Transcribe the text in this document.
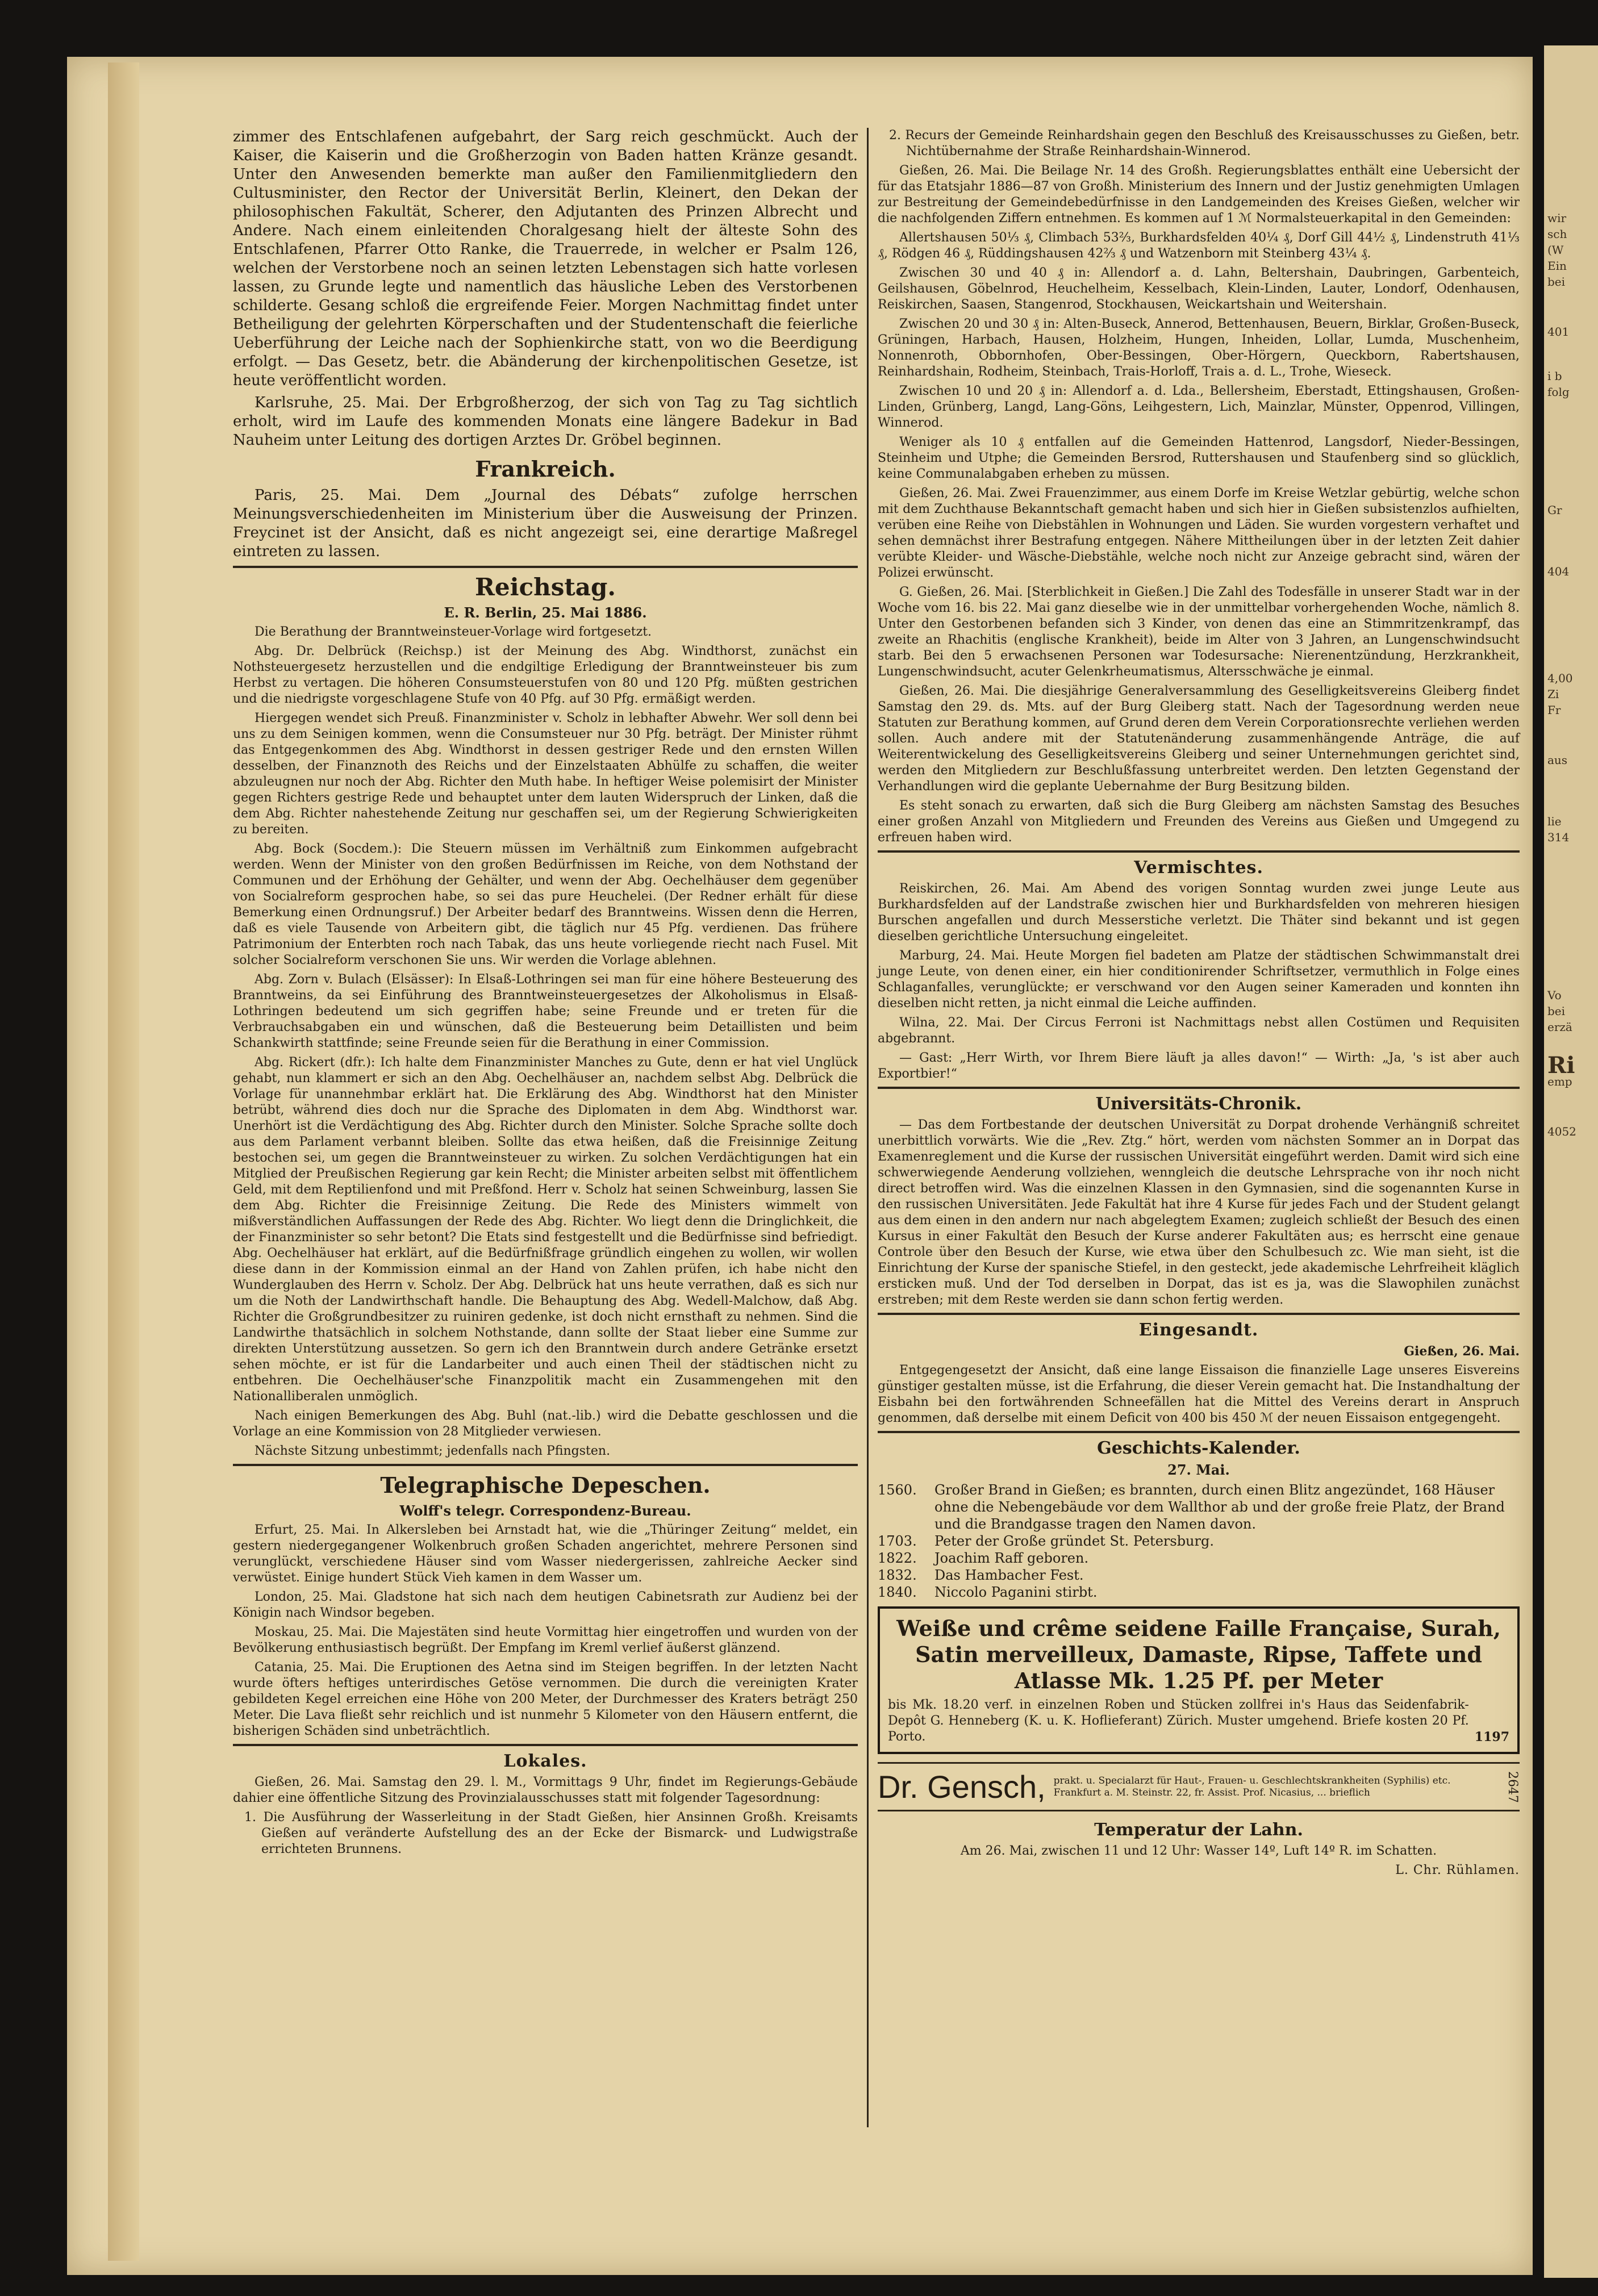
zimmer des Entschlafenen aufgebahrt, der Sarg reich geschmückt. Auch der Kaiser, die Kaiserin und die Großherzogin von Baden hatten Kränze gesandt. Unter den Anwesenden bemerkte man außer den Familienmitgliedern den Cultusminister, den Rector der Universität Berlin, Kleinert, den Dekan der philosophischen Fakultät, Scherer, den Adjutanten des Prinzen Albrecht und Andere. Nach einem einleitenden Choralgesang hielt der älteste Sohn des Entschlafenen, Pfarrer Otto Ranke, die Trauerrede, in welcher er Psalm 126, welchen der Verstorbene noch an seinen letzten Lebenstagen sich hatte vorlesen lassen, zu Grunde legte und namentlich das häusliche Leben des Verstorbenen schilderte. Gesang schloß die ergreifende Feier. Morgen Nachmittag findet unter Betheiligung der gelehrten Körperschaften und der Studentenschaft die feierliche Ueberführung der Leiche nach der Sophienkirche statt, von wo die Beerdigung erfolgt. — Das Gesetz, betr. die Abänderung der kirchenpolitischen Gesetze, ist heute veröffentlicht worden.

Karlsruhe, 25. Mai. Der Erbgroßherzog, der sich von Tag zu Tag sichtlich erholt, wird im Laufe des kommenden Monats eine längere Badekur in Bad Nauheim unter Leitung des dortigen Arztes Dr. Gröbel beginnen.

Frankreich.

Paris, 25. Mai. Dem „Journal des Débats“ zufolge herrschen Meinungsverschiedenheiten im Ministerium über die Ausweisung der Prinzen. Freycinet ist der Ansicht, daß es nicht angezeigt sei, eine derartige Maßregel eintreten zu lassen.

Reichstag.
E. R. Berlin, 25. Mai 1886.

Die Berathung der Branntweinsteuer-Vorlage wird fortgesetzt.

Abg. Dr. Delbrück (Reichsp.) ist der Meinung des Abg. Windthorst, zunächst ein Nothsteuergesetz herzustellen und die endgiltige Erledigung der Branntweinsteuer bis zum Herbst zu vertagen. Die höheren Consumsteuerstufen von 80 und 120 Pfg. müßten gestrichen und die niedrigste vorgeschlagene Stufe von 40 Pfg. auf 30 Pfg. ermäßigt werden.

Hiergegen wendet sich Preuß. Finanzminister v. Scholz in lebhafter Abwehr. Wer soll denn bei uns zu dem Seinigen kommen, wenn die Consumsteuer nur 30 Pfg. beträgt. Der Minister rühmt das Entgegenkommen des Abg. Windthorst in dessen gestriger Rede und den ernsten Willen desselben, der Finanznoth des Reichs und der Einzelstaaten Abhülfe zu schaffen, die weiter abzuleugnen nur noch der Abg. Richter den Muth habe. In heftiger Weise polemisirt der Minister gegen Richters gestrige Rede und behauptet unter dem lauten Widerspruch der Linken, daß die dem Abg. Richter nahestehende Zeitung nur geschaffen sei, um der Regierung Schwierigkeiten zu bereiten.

Abg. Bock (Socdem.): Die Steuern müssen im Verhältniß zum Einkommen aufgebracht werden. Wenn der Minister von den großen Bedürfnissen im Reiche, von dem Nothstand der Communen und der Erhöhung der Gehälter, und wenn der Abg. Oechelhäuser dem gegenüber von Socialreform gesprochen habe, so sei das pure Heuchelei. (Der Redner erhält für diese Bemerkung einen Ordnungsruf.) Der Arbeiter bedarf des Branntweins. Wissen denn die Herren, daß es viele Tausende von Arbeitern gibt, die täglich nur 45 Pfg. verdienen. Das frühere Patrimonium der Enterbten roch nach Tabak, das uns heute vorliegende riecht nach Fusel. Mit solcher Socialreform verschonen Sie uns. Wir werden die Vorlage ablehnen.

Abg. Zorn v. Bulach (Elsässer): In Elsaß-Lothringen sei man für eine höhere Besteuerung des Branntweins, da sei Einführung des Branntweinsteuergesetzes der Alkoholismus in Elsaß-Lothringen bedeutend um sich gegriffen habe; seine Freunde und er treten für die Verbrauchsabgaben ein und wünschen, daß die Besteuerung beim Detaillisten und beim Schankwirth stattfinde; seine Freunde seien für die Berathung in einer Commission.

Abg. Rickert (dfr.): Ich halte dem Finanzminister Manches zu Gute, denn er hat viel Unglück gehabt, nun klammert er sich an den Abg. Oechelhäuser an, nachdem selbst Abg. Delbrück die Vorlage für unannehmbar erklärt hat. Die Erklärung des Abg. Windthorst hat den Minister betrübt, während dies doch nur die Sprache des Diplomaten in dem Abg. Windthorst war. Unerhört ist die Verdächtigung des Abg. Richter durch den Minister. Solche Sprache sollte doch aus dem Parlament verbannt bleiben. Sollte das etwa heißen, daß die Freisinnige Zeitung bestochen sei, um gegen die Branntweinsteuer zu wirken. Zu solchen Verdächtigungen hat ein Mitglied der Preußischen Regierung gar kein Recht; die Minister arbeiten selbst mit öffentlichem Geld, mit dem Reptilienfond und mit Preßfond. Herr v. Scholz hat seinen Schweinburg, lassen Sie dem Abg. Richter die Freisinnige Zeitung. Die Rede des Ministers wimmelt von mißverständlichen Auffassungen der Rede des Abg. Richter. Wo liegt denn die Dringlichkeit, die der Finanzminister so sehr betont? Die Etats sind festgestellt und die Bedürfnisse sind befriedigt. Abg. Oechelhäuser hat erklärt, auf die Bedürfnißfrage gründlich eingehen zu wollen, wir wollen diese dann in der Kommission einmal an der Hand von Zahlen prüfen, ich habe nicht den Wunderglauben des Herrn v. Scholz. Der Abg. Delbrück hat uns heute verrathen, daß es sich nur um die Noth der Landwirthschaft handle. Die Behauptung des Abg. Wedell-Malchow, daß Abg. Richter die Großgrundbesitzer zu ruiniren gedenke, ist doch nicht ernsthaft zu nehmen. Sind die Landwirthe thatsächlich in solchem Nothstande, dann sollte der Staat lieber eine Summe zur direkten Unterstützung aussetzen. So gern ich den Branntwein durch andere Getränke ersetzt sehen möchte, er ist für die Landarbeiter und auch einen Theil der städtischen nicht zu entbehren. Die Oechelhäuser'sche Finanzpolitik macht ein Zusammengehen mit den Nationalliberalen unmöglich.

Nach einigen Bemerkungen des Abg. Buhl (nat.-lib.) wird die Debatte geschlossen und die Vorlage an eine Kommission von 28 Mitglieder verwiesen.

Nächste Sitzung unbestimmt; jedenfalls nach Pfingsten.

Telegraphische Depeschen.
Wolff's telegr. Correspondenz-Bureau.

Erfurt, 25. Mai. In Alkersleben bei Arnstadt hat, wie die „Thüringer Zeitung“ meldet, ein gestern niedergegangener Wolkenbruch großen Schaden angerichtet, mehrere Personen sind verunglückt, verschiedene Häuser sind vom Wasser niedergerissen, zahlreiche Aecker sind verwüstet. Einige hundert Stück Vieh kamen in dem Wasser um.

London, 25. Mai. Gladstone hat sich nach dem heutigen Cabinetsrath zur Audienz bei der Königin nach Windsor begeben.

Moskau, 25. Mai. Die Majestäten sind heute Vormittag hier eingetroffen und wurden von der Bevölkerung enthusiastisch begrüßt. Der Empfang im Kreml verlief äußerst glänzend.

Catania, 25. Mai. Die Eruptionen des Aetna sind im Steigen begriffen. In der letzten Nacht wurde öfters heftiges unterirdisches Getöse vernommen. Die durch die vereinigten Krater gebildeten Kegel erreichen eine Höhe von 200 Meter, der Durchmesser des Kraters beträgt 250 Meter. Die Lava fließt sehr reichlich und ist nunmehr 5 Kilometer von den Häusern entfernt, die bisherigen Schäden sind unbeträchtlich.

Lokales.

Gießen, 26. Mai. Samstag den 29. l. M., Vormittags 9 Uhr, findet im Regierungs-Gebäude dahier eine öffentliche Sitzung des Provinzialausschusses statt mit folgender Tagesordnung:

1. Die Ausführung der Wasserleitung in der Stadt Gießen, hier Ansinnen Großh. Kreisamts Gießen auf veränderte Aufstellung des an der Ecke der Bismarck- und Ludwigstraße errichteten Brunnens.

2. Recurs der Gemeinde Reinhardshain gegen den Beschluß des Kreisausschusses zu Gießen, betr. Nichtübernahme der Straße Reinhardshain-Winnerod.

Gießen, 26. Mai. Die Beilage Nr. 14 des Großh. Regierungsblattes enthält eine Uebersicht der für das Etatsjahr 1886—87 von Großh. Ministerium des Innern und der Justiz genehmigten Umlagen zur Bestreitung der Gemeindebedürfnisse in den Landgemeinden des Kreises Gießen, welcher wir die nachfolgenden Ziffern entnehmen. Es kommen auf 1 ℳ Normalsteuerkapital in den Gemeinden:

Allertshausen 50⅓ ₰, Climbach 53⅔, Burkhardsfelden 40¼ ₰, Dorf Gill 44½ ₰, Lindenstruth 41⅓ ₰, Rödgen 46 ₰, Rüddingshausen 42⅔ ₰ und Watzenborn mit Steinberg 43¼ ₰.

Zwischen 30 und 40 ₰ in: Allendorf a. d. Lahn, Beltershain, Daubringen, Garbenteich, Geilshausen, Göbelnrod, Heuchelheim, Kesselbach, Klein-Linden, Lauter, Londorf, Odenhausen, Reiskirchen, Saasen, Stangenrod, Stockhausen, Weickartshain und Weitershain.

Zwischen 20 und 30 ₰ in: Alten-Buseck, Annerod, Bettenhausen, Beuern, Birklar, Großen-Buseck, Grüningen, Harbach, Hausen, Holzheim, Hungen, Inheiden, Lollar, Lumda, Muschenheim, Nonnenroth, Obbornhofen, Ober-Bessingen, Ober-Hörgern, Queckborn, Rabertshausen, Reinhardshain, Rodheim, Steinbach, Trais-Horloff, Trais a. d. L., Trohe, Wieseck.

Zwischen 10 und 20 ₰ in: Allendorf a. d. Lda., Bellersheim, Eberstadt, Ettingshausen, Großen-Linden, Grünberg, Langd, Lang-Göns, Leihgestern, Lich, Mainzlar, Münster, Oppenrod, Villingen, Winnerod.

Weniger als 10 ₰ entfallen auf die Gemeinden Hattenrod, Langsdorf, Nieder-Bessingen, Steinheim und Utphe; die Gemeinden Bersrod, Ruttershausen und Staufenberg sind so glücklich, keine Communalabgaben erheben zu müssen.

Gießen, 26. Mai. Zwei Frauenzimmer, aus einem Dorfe im Kreise Wetzlar gebürtig, welche schon mit dem Zuchthause Bekanntschaft gemacht haben und sich hier in Gießen subsistenzlos aufhielten, verüben eine Reihe von Diebstählen in Wohnungen und Läden. Sie wurden vorgestern verhaftet und sehen demnächst ihrer Bestrafung entgegen. Nähere Mittheilungen über in der letzten Zeit dahier verübte Kleider- und Wäsche-Diebstähle, welche noch nicht zur Anzeige gebracht sind, wären der Polizei erwünscht.

G. Gießen, 26. Mai. [Sterblichkeit in Gießen.] Die Zahl des Todesfälle in unserer Stadt war in der Woche vom 16. bis 22. Mai ganz dieselbe wie in der unmittelbar vorhergehenden Woche, nämlich 8. Unter den Gestorbenen befanden sich 3 Kinder, von denen das eine an Stimmritzenkrampf, das zweite an Rhachitis (englische Krankheit), beide im Alter von 3 Jahren, an Lungenschwindsucht starb. Bei den 5 erwachsenen Personen war Todesursache: Nierenentzündung, Herzkrankheit, Lungenschwindsucht, acuter Gelenkrheumatismus, Altersschwäche je einmal.

Gießen, 26. Mai. Die diesjährige Generalversammlung des Geselligkeitsvereins Gleiberg findet Samstag den 29. ds. Mts. auf der Burg Gleiberg statt. Nach der Tagesordnung werden neue Statuten zur Berathung kommen, auf Grund deren dem Verein Corporationsrechte verliehen werden sollen. Auch andere mit der Statutenänderung zusammenhängende Anträge, die auf Weiterentwickelung des Geselligkeitsvereins Gleiberg und seiner Unternehmungen gerichtet sind, werden den Mitgliedern zur Beschlußfassung unterbreitet werden. Den letzten Gegenstand der Verhandlungen wird die geplante Uebernahme der Burg Besitzung bilden.

Es steht sonach zu erwarten, daß sich die Burg Gleiberg am nächsten Samstag des Besuches einer großen Anzahl von Mitgliedern und Freunden des Vereins aus Gießen und Umgegend zu erfreuen haben wird.

Vermischtes.

Reiskirchen, 26. Mai. Am Abend des vorigen Sonntag wurden zwei junge Leute aus Burkhardsfelden auf der Landstraße zwischen hier und Burkhardsfelden von mehreren hiesigen Burschen angefallen und durch Messerstiche verletzt. Die Thäter sind bekannt und ist gegen dieselben gerichtliche Untersuchung eingeleitet.

Marburg, 24. Mai. Heute Morgen fiel badeten am Platze der städtischen Schwimmanstalt drei junge Leute, von denen einer, ein hier conditionirender Schriftsetzer, vermuthlich in Folge eines Schlaganfalles, verunglückte; er verschwand vor den Augen seiner Kameraden und konnten ihn dieselben nicht retten, ja nicht einmal die Leiche auffinden.

Wilna, 22. Mai. Der Circus Ferroni ist Nachmittags nebst allen Costümen und Requisiten abgebrannt.

— Gast: „Herr Wirth, vor Ihrem Biere läuft ja alles davon!“ — Wirth: „Ja, 's ist aber auch Exportbier!“

Universitäts-Chronik.

— Das dem Fortbestande der deutschen Universität zu Dorpat drohende Verhängniß schreitet unerbittlich vorwärts. Wie die „Rev. Ztg.“ hört, werden vom nächsten Sommer an in Dorpat das Examenreglement und die Kurse der russischen Universität eingeführt werden. Damit wird sich eine schwerwiegende Aenderung vollziehen, wenngleich die deutsche Lehrsprache von ihr noch nicht direct betroffen wird. Was die einzelnen Klassen in den Gymnasien, sind die sogenannten Kurse in den russischen Universitäten. Jede Fakultät hat ihre 4 Kurse für jedes Fach und der Student gelangt aus dem einen in den andern nur nach abgelegtem Examen; zugleich schließt der Besuch des einen Kursus in einer Fakultät den Besuch der Kurse anderer Fakultäten aus; es herrscht eine genaue Controle über den Besuch der Kurse, wie etwa über den Schulbesuch zc. Wie man sieht, ist die Einrichtung der Kurse der spanische Stiefel, in den gesteckt, jede akademische Lehrfreiheit kläglich ersticken muß. Und der Tod derselben in Dorpat, das ist es ja, was die Slawophilen zunächst erstreben; mit dem Reste werden sie dann schon fertig werden.

Eingesandt.

Gießen, 26. Mai.

Entgegengesetzt der Ansicht, daß eine lange Eissaison die finanzielle Lage unseres Eisvereins günstiger gestalten müsse, ist die Erfahrung, die dieser Verein gemacht hat. Die Instandhaltung der Eisbahn bei den fortwährenden Schneefällen hat die Mittel des Vereins derart in Anspruch genommen, daß derselbe mit einem Deficit von 400 bis 450 ℳ der neuen Eissaison entgegengeht.

Geschichts-Kalender.
27. Mai.
1560.	Großer Brand in Gießen; es brannten, durch einen Blitz angezündet, 168 Häuser ohne die Nebengebäude vor dem Wallthor ab und der große freie Platz, der Brand und die Brandgasse tragen den Namen davon.
1703.	Peter der Große gründet St. Petersburg.
1822.	Joachim Raff geboren.
1832.	Das Hambacher Fest.
1840.	Niccolo Paganini stirbt.
Weiße und crême seidene Faille Française, Surah, Satin merveilleux, Damaste, Ripse, Taffete und Atlasse Mk. 1.25 Pf. per Meter

bis Mk. 18.20 verf. in einzelnen Roben und Stücken zollfrei in's Haus das Seidenfabrik-Depôt G. Henneberg (K. u. K. Hoflieferant) Zürich. Muster umgehend. Briefe kosten 20 Pf. Porto.	1197
Dr. Gensch, prakt. u. Specialarzt für Haut-, Frauen- u. Geschlechtskrankheiten (Syphilis) etc. Frankfurt a. M. Steinstr. 22, fr. Assist. Prof. Nicasius, ... brieflich	2647
Temperatur der Lahn.

Am 26. Mai, zwischen 11 und 12 Uhr: Wasser 14º, Luft 14º R. im Schatten.

L. Chr. Rühlamen.

wir
sch
(W
Ein
bei
401
i b
folg
Gr
404
4,00
Zi
Fr
aus
lie
314
Vo
bei
erzä
Ri
emp
4052
